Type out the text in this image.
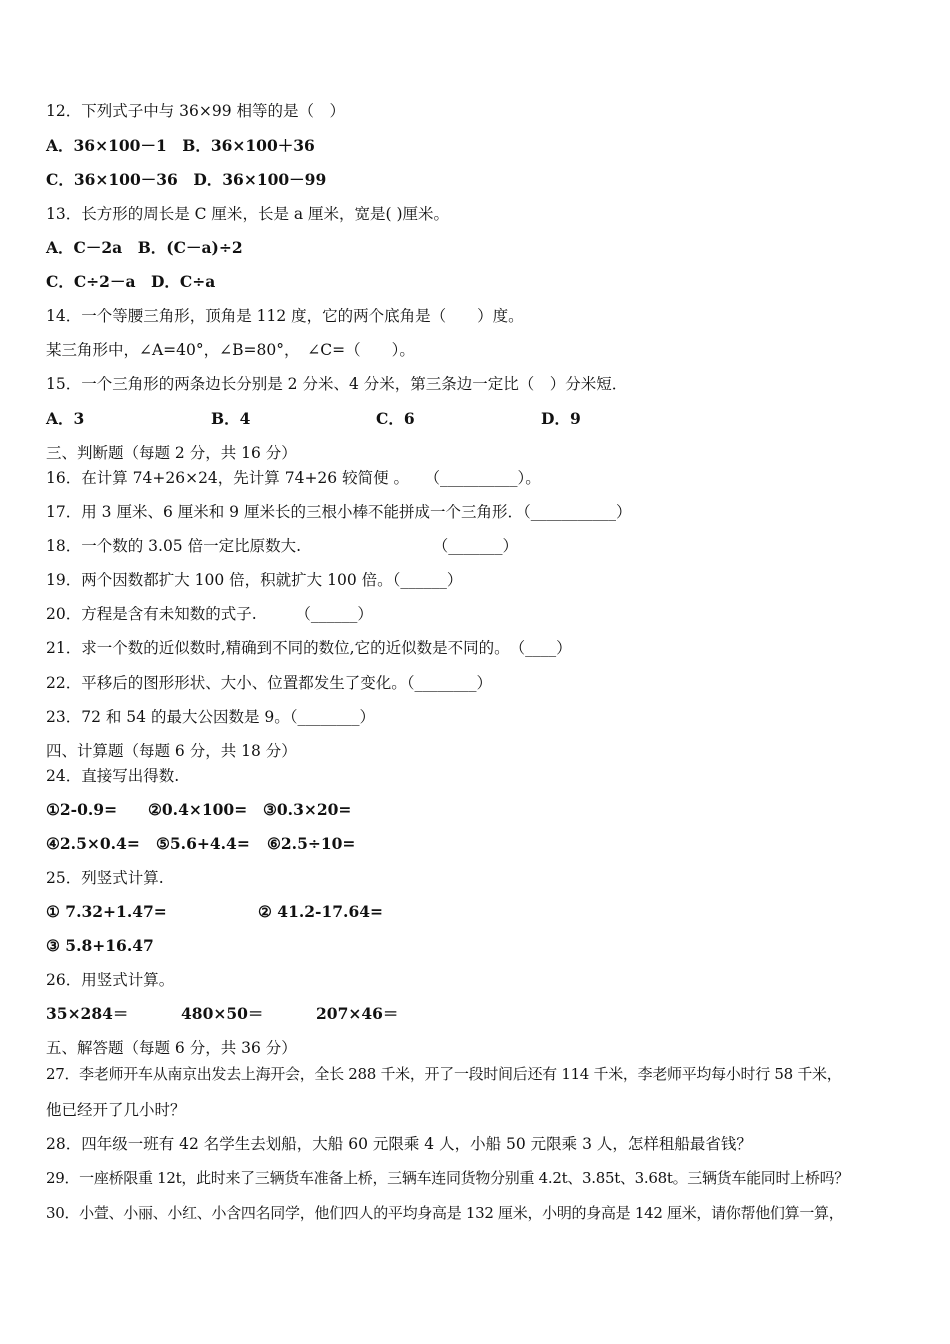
12．下列式子中与 36×99 相等的是（　）
A．36×100－1　B．36×100＋36
C．36×100－36　D．36×100－99
13．长方形的周长是 C 厘米，长是 a 厘米，宽是( )厘米。
A．C－2a　B．(C－a)÷2
C．C÷2－a　D．C÷a
14．一个等腰三角形，顶角是 112 度，它的两个底角是（　　）度。
某三角形中，∠A=40°，∠B=80°，　∠C=（　　）。
15．一个三角形的两条边长分别是 2 分米、4 分米，第三条边一定比（　）分米短．
A．3	B．4	C．6	D．9
三、判断题（每题 2 分，共 16 分）
16．在计算 74+26×24，先计算 74+26 较简便 。　　（__________）。
17．用 3 厘米、6 厘米和 9 厘米长的三根小棒不能拼成一个三角形．（___________）
18．一个数的 3.05 倍一定比原数大.　　　　　　　　　（_______）
19．两个因数都扩大 100 倍，积就扩大 100 倍。（______）
20．方程是含有未知数的式子.　　　（______）
21．求一个数的近似数时,精确到不同的数位,它的近似数是不同的。　（____）
22．平移后的图形形状、大小、位置都发生了变化。（________）
23．72 和 54 的最大公因数是 9。（________）
四、计算题（每题 6 分，共 18 分）
24．直接写出得数.
①2-0.9= ②0.4×100= ③0.3×20=
④2.5×0.4= ⑤5.6+4.4= ⑥2.5÷10=
25．列竖式计算.
① 7.32+1.47=	② 41.2-17.64=
③ 5.8+16.47
26．用竖式计算。
35×284＝	480×50＝	207×46＝
五、解答题（每题 6 分，共 36 分）
27．李老师开车从南京出发去上海开会，全长 288 千米，开了一段时间后还有 114 千米，李老师平均每小时行 58 千米，
他已经开了几小时？
28．四年级一班有 42 名学生去划船，大船 60 元限乘 4 人，小船 50 元限乘 3 人，怎样租船最省钱？
29．一座桥限重 12t，此时来了三辆货车准备上桥，三辆车连同货物分别重 4.2t、3.85t、3.68t。三辆货车能同时上桥吗？
30．小萱、小丽、小红、小含四名同学，他们四人的平均身高是 132 厘米，小明的身高是 142 厘米，请你帮他们算一算，
